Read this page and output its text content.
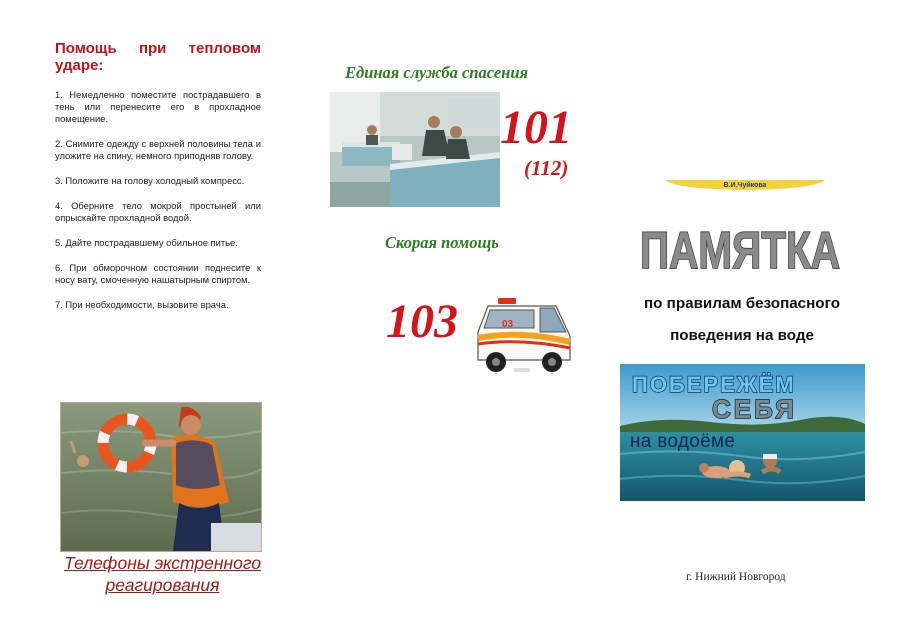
Помощь при тепловом
ударе:
1. Немедленно поместите пострадавшего в тень или перенесите его в прохладное помещение.
2. Снимите одежду с верхней половины тела и уложите на спину, немного приподняв голову.
3. Положите на голову холодный компресс.
4. Оберните тело мокрой простыней или опрыскайте прохладной водой.
5. Дайте пострадавшему обильное питье.
6. При обморочном состоянии поднесите к носу вату, смоченную нашатырным спиртом.
7. При необходимости, вызовите врача.
Телефоны экстренного
реагирования
Единая служба спасения
101
(112)
Скорая помощь
103	03
В.И.Чуйкова
ПАМЯТКА
по правилам безопасного
поведения на воде
ПОБЕРЕЖЁМ
СЕБЯ
на водоёме
г. Нижний Новгород
